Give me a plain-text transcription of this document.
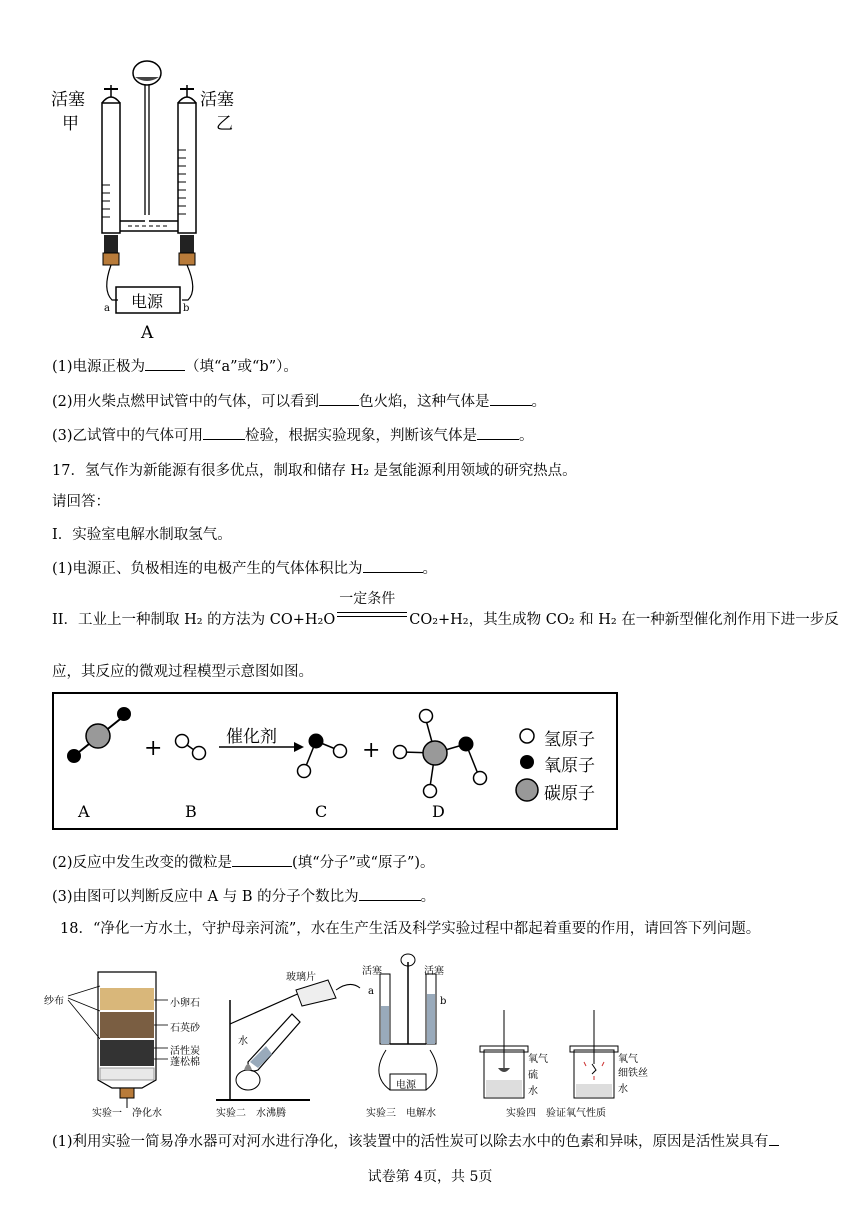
活塞
甲
活塞
乙
电源
a	b
A
(1)电源正极为	（填“a”或“b”）。
(2)用火柴点燃甲试管中的气体，可以看到	色火焰，这种气体是	。
(3)乙试管中的气体可用	检验，根据实验现象，判断该气体是	。
17．氢气作为新能源有很多优点，制取和储存 H₂ 是氢能源利用领域的研究热点。
请回答：
I．实验室电解水制取氢气。
(1)电源正、负极相连的电极产生的气体体积比为	。
II．工业上一种制取 H₂ 的方法为 CO+H₂O
一定条件
CO₂+H₂，其生成物 CO₂ 和 H₂ 在一种新型催化剂作用下进一步反
应，其反应的微观过程模型示意图如图。
+	+
催化剂
A	B	C	D
氢原子
氧原子
碳原子
(2)反应中发生改变的微粒是	(填“分子”或“原子”)。
(3)由图可以判断反应中 A 与 B 的分子个数比为	。
18．“净化一方水土，守护母亲河流”，水在生产生活及科学实验过程中都起着重要的作用，请回答下列问题。
纱布	小卵石
石英砂
活性炭
蓬松棉
实验一　净化水
玻璃片
水
实验二　水沸腾
活塞	活塞
a
b
电源
实验三　电解水
氧气
硫
水
氧气
细铁丝
水
实验四　验证氧气性质
(1)利用实验一简易净水器可对河水进行净化，该装置中的活性炭可以除去水中的色素和异味，原因是活性炭具有
试卷第 4页，共 5页
